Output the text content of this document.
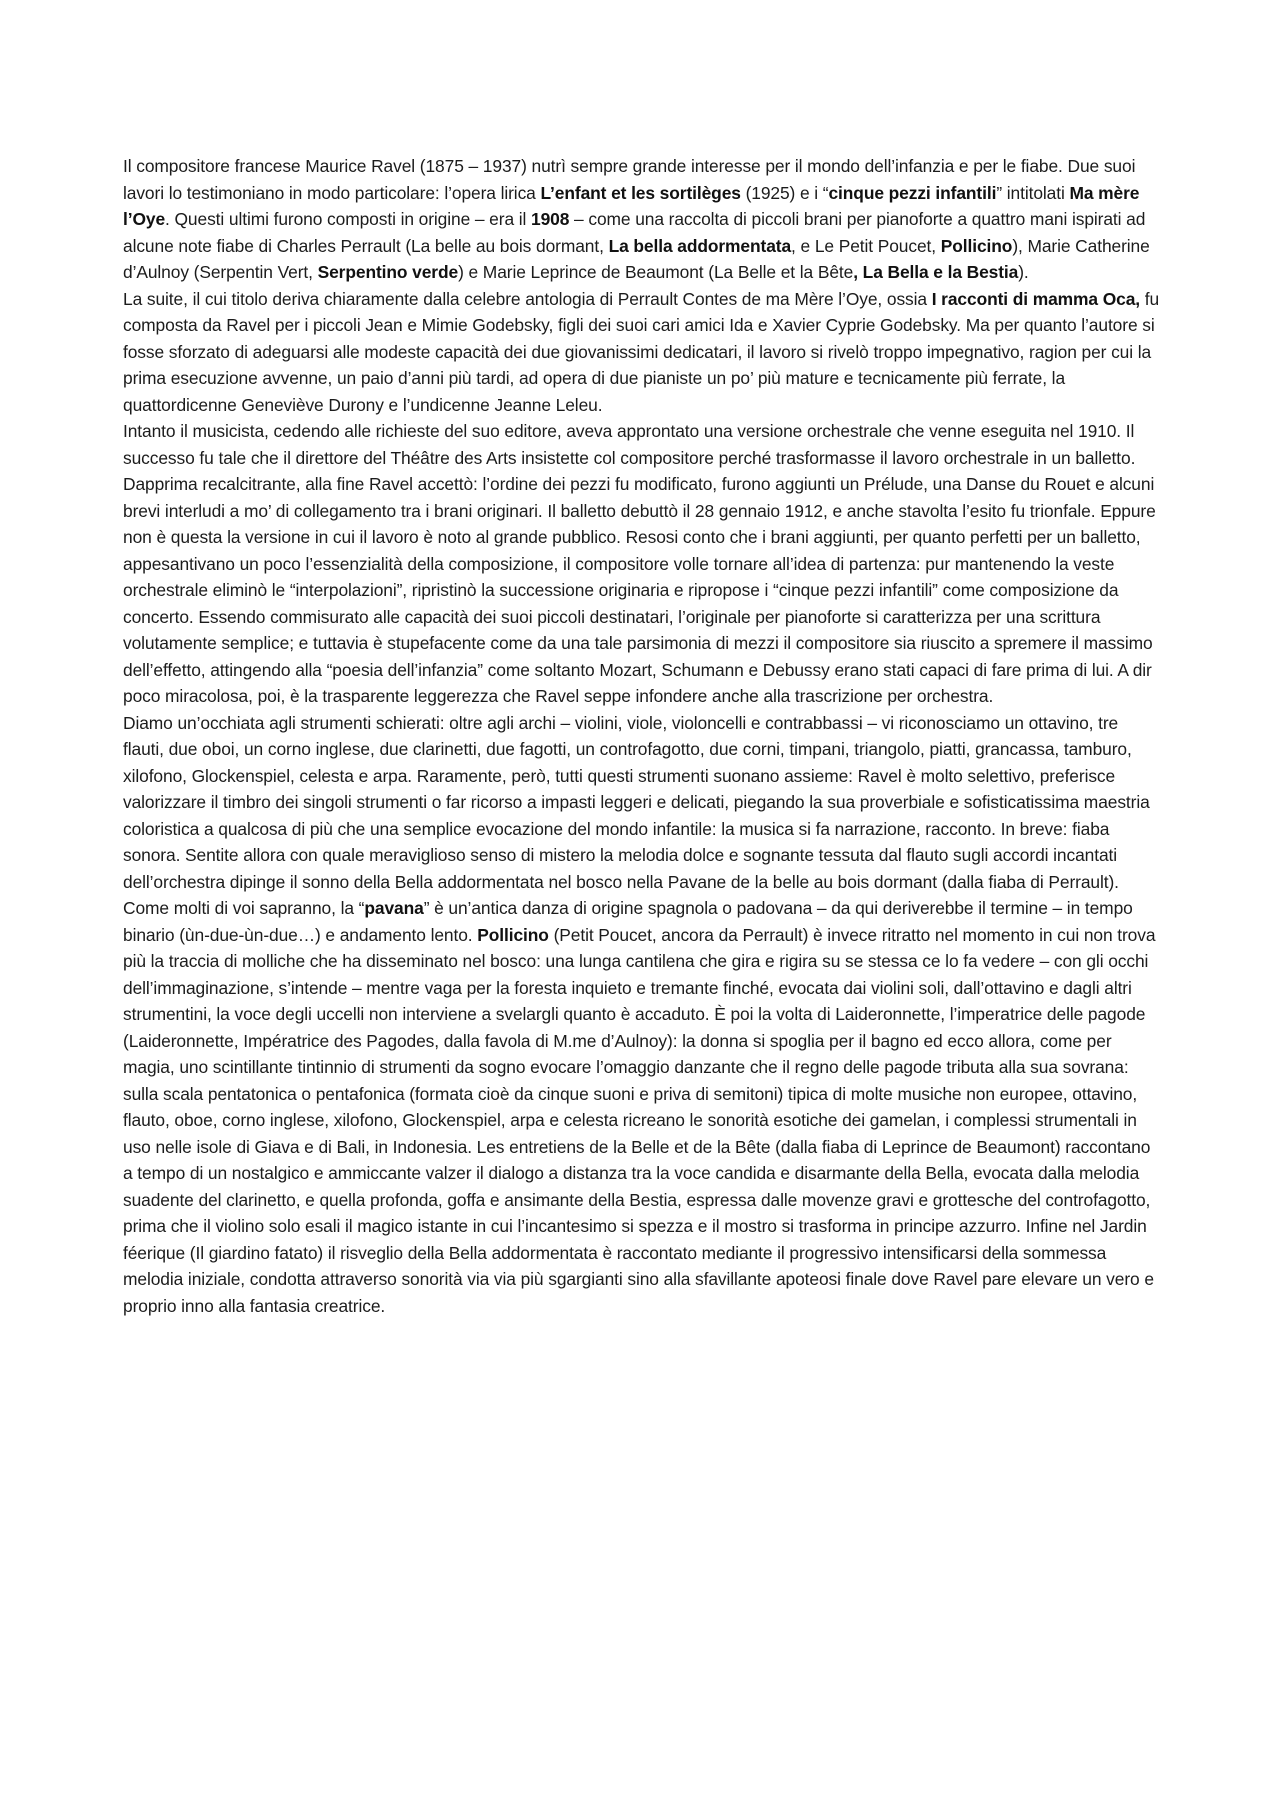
Il compositore francese Maurice Ravel (1875 – 1937) nutrì sempre grande interesse per il mondo dell’infanzia e per le fiabe. Due suoi lavori lo testimoniano in modo particolare: l’opera lirica L’enfant et les sortilèges (1925) e i “cinque pezzi infantili” intitolati Ma mère l’Oye. Questi ultimi furono composti in origine – era il 1908 – come una raccolta di piccoli brani per pianoforte a quattro mani ispirati ad alcune note fiabe di Charles Perrault (La belle au bois dormant, La bella addormentata, e Le Petit Poucet, Pollicino), Marie Catherine d’Aulnoy (Serpentin Vert, Serpentino verde) e Marie Leprince de Beaumont (La Belle et la Bête, La Bella e la Bestia).

La suite, il cui titolo deriva chiaramente dalla celebre antologia di Perrault Contes de ma Mère l’Oye, ossia I racconti di mamma Oca, fu composta da Ravel per i piccoli Jean e Mimie Godebsky, figli dei suoi cari amici Ida e Xavier Cyprie Godebsky. Ma per quanto l’autore si fosse sforzato di adeguarsi alle modeste capacità dei due giovanissimi dedicatari, il lavoro si rivelò troppo impegnativo, ragion per cui la prima esecuzione avvenne, un paio d’anni più tardi, ad opera di due pianiste un po’ più mature e tecnicamente più ferrate, la quattordicenne Geneviève Durony e l’undicenne Jeanne Leleu.

Intanto il musicista, cedendo alle richieste del suo editore, aveva approntato una versione orchestrale che venne eseguita nel 1910. Il successo fu tale che il direttore del Théâtre des Arts insistette col compositore perché trasformasse il lavoro orchestrale in un balletto. Dapprima recalcitrante, alla fine Ravel accettò: l’ordine dei pezzi fu modificato, furono aggiunti un Prélude, una Danse du Rouet e alcuni brevi interludi a mo’ di collegamento tra i brani originari. Il balletto debuttò il 28 gennaio 1912, e anche stavolta l’esito fu trionfale. Eppure non è questa la versione in cui il lavoro è noto al grande pubblico. Resosi conto che i brani aggiunti, per quanto perfetti per un balletto, appesantivano un poco l’essenzialità della composizione, il compositore volle tornare all’idea di partenza: pur mantenendo la veste orchestrale eliminò le “interpolazioni”, ripristinò la successione originaria e ripropose i “cinque pezzi infantili” come composizione da concerto. Essendo commisurato alle capacità dei suoi piccoli destinatari, l’originale per pianoforte si caratterizza per una scrittura volutamente semplice; e tuttavia è stupefacente come da una tale parsimonia di mezzi il compositore sia riuscito a spremere il massimo dell’effetto, attingendo alla “poesia dell’infanzia” come soltanto Mozart, Schumann e Debussy erano stati capaci di fare prima di lui. A dir poco miracolosa, poi, è la trasparente leggerezza che Ravel seppe infondere anche alla trascrizione per orchestra.

Diamo un’occhiata agli strumenti schierati: oltre agli archi – violini, viole, violoncelli e contrabbassi – vi riconosciamo un ottavino, tre flauti, due oboi, un corno inglese, due clarinetti, due fagotti, un controfagotto, due corni, timpani, triangolo, piatti, grancassa, tamburo, xilofono, Glockenspiel, celesta e arpa. Raramente, però, tutti questi strumenti suonano assieme: Ravel è molto selettivo, preferisce valorizzare il timbro dei singoli strumenti o far ricorso a impasti leggeri e delicati, piegando la sua proverbiale e sofisticatissima maestria coloristica a qualcosa di più che una semplice evocazione del mondo infantile: la musica si fa narrazione, racconto. In breve: fiaba sonora. Sentite allora con quale meraviglioso senso di mistero la melodia dolce e sognante tessuta dal flauto sugli accordi incantati dell’orchestra dipinge il sonno della Bella addormentata nel bosco nella Pavane de la belle au bois dormant (dalla fiaba di Perrault). Come molti di voi sapranno, la “pavana” è un’antica danza di origine spagnola o padovana – da qui deriverebbe il termine – in tempo binario (ùn-due-ùn-due…) e andamento lento. Pollicino (Petit Poucet, ancora da Perrault) è invece ritratto nel momento in cui non trova più la traccia di molliche che ha disseminato nel bosco: una lunga cantilena che gira e rigira su se stessa ce lo fa vedere – con gli occhi dell’immaginazione, s’intende – mentre vaga per la foresta inquieto e tremante finché, evocata dai violini soli, dall’ottavino e dagli altri strumentini, la voce degli uccelli non interviene a svelargli quanto è accaduto. È poi la volta di Laideronnette, l’imperatrice delle pagode (Laideronnette, Impératrice des Pagodes, dalla favola di M.me d’Aulnoy): la donna si spoglia per il bagno ed ecco allora, come per magia, uno scintillante tintinnio di strumenti da sogno evocare l’omaggio danzante che il regno delle pagode tributa alla sua sovrana: sulla scala pentatonica o pentafonica (formata cioè da cinque suoni e priva di semitoni) tipica di molte musiche non europee, ottavino, flauto, oboe, corno inglese, xilofono, Glockenspiel, arpa e celesta ricreano le sonorità esotiche dei gamelan, i complessi strumentali in uso nelle isole di Giava e di Bali, in Indonesia. Les entretiens de la Belle et de la Bête (dalla fiaba di Leprince de Beaumont) raccontano a tempo di un nostalgico e ammiccante valzer il dialogo a distanza tra la voce candida e disarmante della Bella, evocata dalla melodia suadente del clarinetto, e quella profonda, goffa e ansimante della Bestia, espressa dalle movenze gravi e grottesche del controfagotto, prima che il violino solo esali il magico istante in cui l’incantesimo si spezza e il mostro si trasforma in principe azzurro. Infine nel Jardin féerique (Il giardino fatato) il risveglio della Bella addormentata è raccontato mediante il progressivo intensificarsi della sommessa melodia iniziale, condotta attraverso sonorità via via più sgargianti sino alla sfavillante apoteosi finale dove Ravel pare elevare un vero e proprio inno alla fantasia creatrice.
